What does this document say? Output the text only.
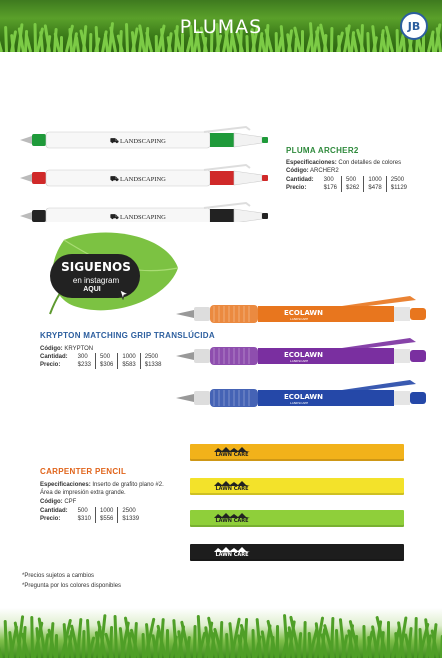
PLUMAS	JB
⛟ LANDSCAPING
⛟ LANDSCAPING
⛟ LANDSCAPING
PLUMA ARCHER2
Especificaciones: Con detalles de colores
Código: ARCHER2
Cantidad:	300	500	1000	2500
Precio:	$176	$262	$478	$1129
SIGUENOS
en instagram
AQUI
ECOLAWN
LANDSCAPE
ECOLAWN
LANDSCAPE
ECOLAWN
LANDSCAPE
KRYPTON MATCHING GRIP TRANSLÚCIDA
Código: KRYPTON
Cantidad:	300	500	1000	2500
Precio:	$233	$306	$583	$1338
LAWN CARE
LAWN CARE
LAWN CARE
LAWN CARE
CARPENTER PENCIL
Especificaciones: Inserto de grafito plano #2.
Área de impresión extra grande.
Código: CPF
Cantidad:	500	1000	2500
Precio:	$310	$556	$1339
*Precios sujetos a cambios
*Pregunta por los colores disponibles
